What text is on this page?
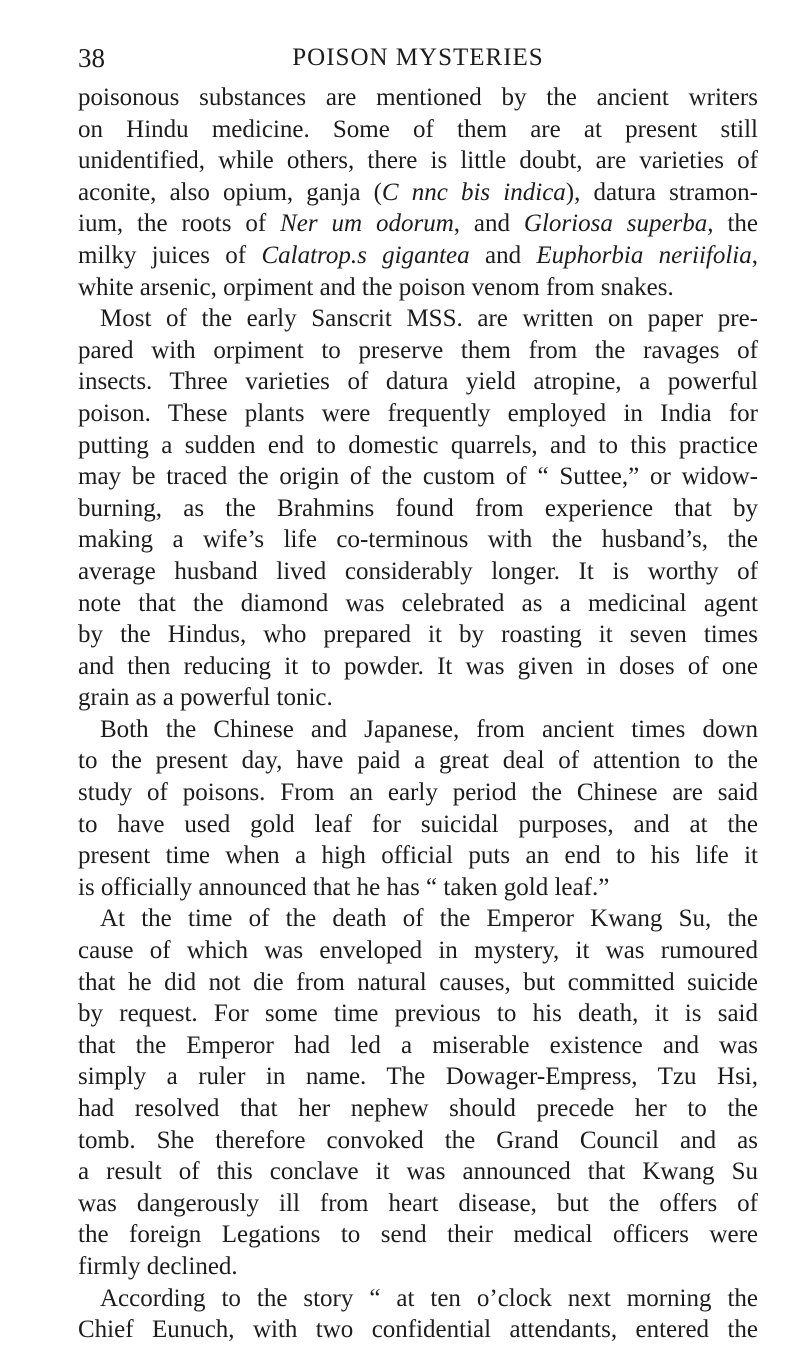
38	POISON MYSTERIES
poisonous substances are mentioned by the ancient writers
on Hindu medicine. Some of them are at present still
unidentified, while others, there is little doubt, are varieties of
aconite, also opium, ganja (C nnc bis indica), datura stramon-
ium, the roots of Ner um odorum, and Gloriosa superba, the
milky juices of Calatrop.s gigantea and Euphorbia neriifolia,
white arsenic, orpiment and the poison venom from snakes.
Most of the early Sanscrit MSS. are written on paper pre-
pared with orpiment to preserve them from the ravages of
insects. Three varieties of datura yield atropine, a powerful
poison. These plants were frequently employed in India for
putting a sudden end to domestic quarrels, and to this practice
may be traced the origin of the custom of “ Suttee,” or widow-
burning, as the Brahmins found from experience that by
making a wife’s life co-terminous with the husband’s, the
average husband lived considerably longer. It is worthy of
note that the diamond was celebrated as a medicinal agent
by the Hindus, who prepared it by roasting it seven times
and then reducing it to powder. It was given in doses of one
grain as a powerful tonic.
Both the Chinese and Japanese, from ancient times down
to the present day, have paid a great deal of attention to the
study of poisons. From an early period the Chinese are said
to have used gold leaf for suicidal purposes, and at the
present time when a high official puts an end to his life it
is officially announced that he has “ taken gold leaf.”
At the time of the death of the Emperor Kwang Su, the
cause of which was enveloped in mystery, it was rumoured
that he did not die from natural causes, but committed suicide
by request. For some time previous to his death, it is said
that the Emperor had led a miserable existence and was
simply a ruler in name. The Dowager-Empress, Tzu Hsi,
had resolved that her nephew should precede her to the
tomb. She therefore convoked the Grand Council and as
a result of this conclave it was announced that Kwang Su
was dangerously ill from heart disease, but the offers of
the foreign Legations to send their medical officers were
firmly declined.
According to the story “ at ten o’clock next morning the
Chief Eunuch, with two confidential attendants, entered the
